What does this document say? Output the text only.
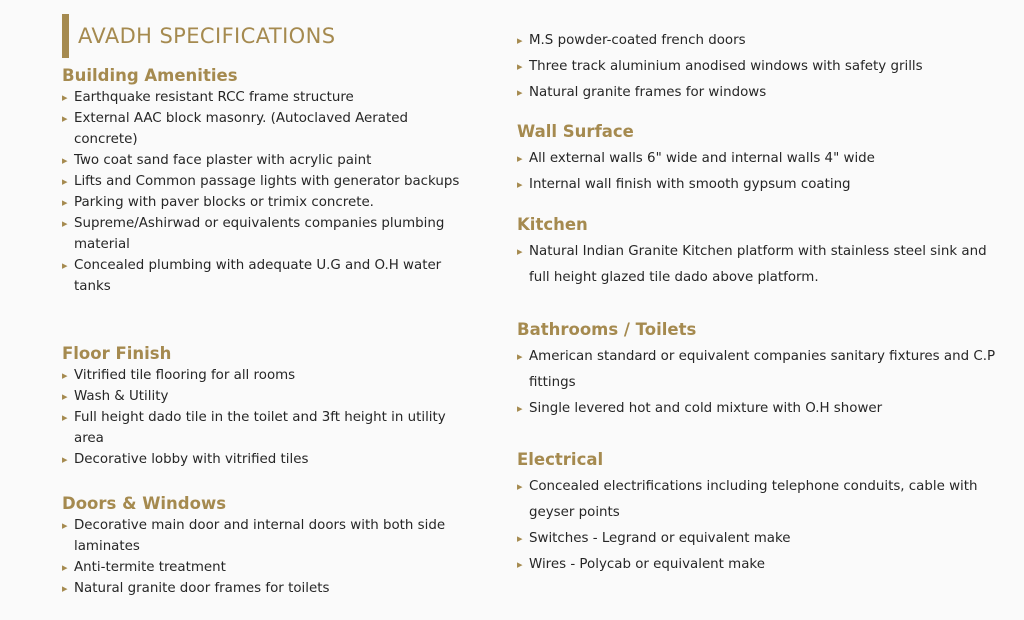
AVADH SPECIFICATIONS
Building Amenities
▸ Earthquake resistant RCC frame structure
▸ External AAC block masonry. (Autoclaved Aerated concrete)
▸ Two coat sand face plaster with acrylic paint
▸ Lifts and Common passage lights with generator backups
▸ Parking with paver blocks or trimix concrete.
▸ Supreme/Ashirwad or equivalents companies plumbing material
▸ Concealed plumbing with adequate U.G and O.H water tanks
Floor Finish
▸ Vitrified tile flooring for all rooms
▸ Wash & Utility
▸ Full height dado tile in the toilet and 3ft height in utility area
▸ Decorative lobby with vitrified tiles
Doors & Windows
▸ Decorative main door and internal doors with both side laminates
▸ Anti-termite treatment
▸ Natural granite door frames for toilets
▸ M.S powder-coated french doors
▸ Three track aluminium anodised windows with safety grills
▸ Natural granite frames for windows
Wall Surface
▸ All external walls 6" wide and internal walls 4" wide
▸ Internal wall finish with smooth gypsum coating
Kitchen
▸ Natural Indian Granite Kitchen platform with stainless steel sink and full height glazed tile dado above platform.
Bathrooms / Toilets
▸ American standard or equivalent companies sanitary fixtures and C.P fittings
▸ Single levered hot and cold mixture with O.H shower
Electrical
▸ Concealed electrifications including telephone conduits, cable with geyser points
▸ Switches - Legrand or equivalent make
▸ Wires - Polycab or equivalent make
